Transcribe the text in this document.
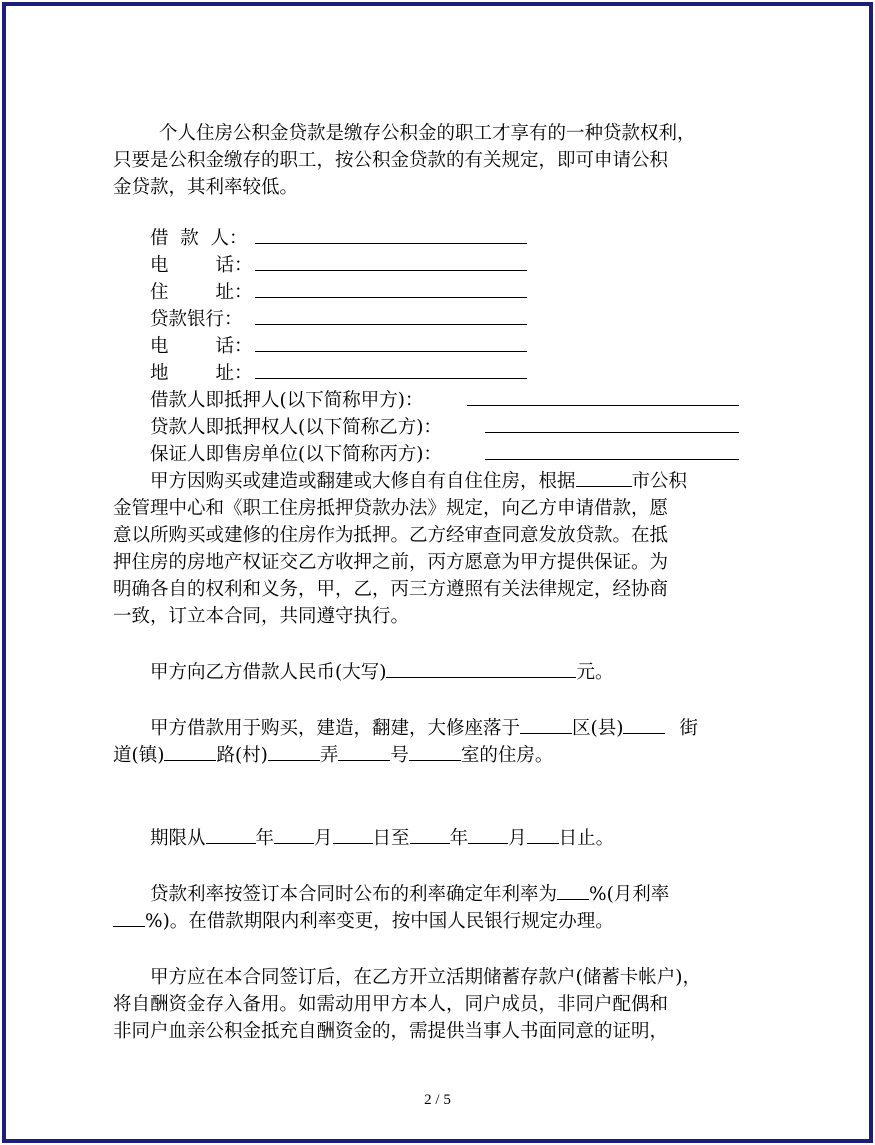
个人住房公积金贷款是缴存公积金的职工才享有的一种贷款权利，

只要是公积金缴存的职工，按公积金贷款的有关规定，即可申请公积

金贷款，其利率较低。

借  款  人：
电        话：
住        址：
贷款银行：
电        话：
地        址：
借款人即抵押人(以下简称甲方)：
贷款人即抵押权人(以下简称乙方)：
保证人即售房单位(以下简称丙方)：

甲方因购买或建造或翻建或大修自有自住住房，根据	市公积

金管理中心和《职工住房抵押贷款办法》规定，向乙方申请借款，愿

意以所购买或建修的住房作为抵押。乙方经审查同意发放贷款。在抵

押住房的房地产权证交乙方收押之前，丙方愿意为甲方提供保证。为

明确各自的权利和义务，甲，乙，丙三方遵照有关法律规定，经协商

一致，订立本合同，共同遵守执行。

甲方向乙方借款人民币(大写)	元。

甲方借款用于购买，建造，翻建，大修座落于	区(县)	街

道(镇)	路(村)	弄	号	室的住房。

期限从	年 月 日至 年 月 日止。

贷款利率按签订本合同时公布的利率确定年利率为 %(月利率

%)。在借款期限内利率变更，按中国人民银行规定办理。

甲方应在本合同签订后，在乙方开立活期储蓄存款户(储蓄卡帐户)，

将自酬资金存入备用。如需动用甲方本人，同户成员，非同户配偶和

非同户血亲公积金抵充自酬资金的，需提供当事人书面同意的证明，

2 / 5
